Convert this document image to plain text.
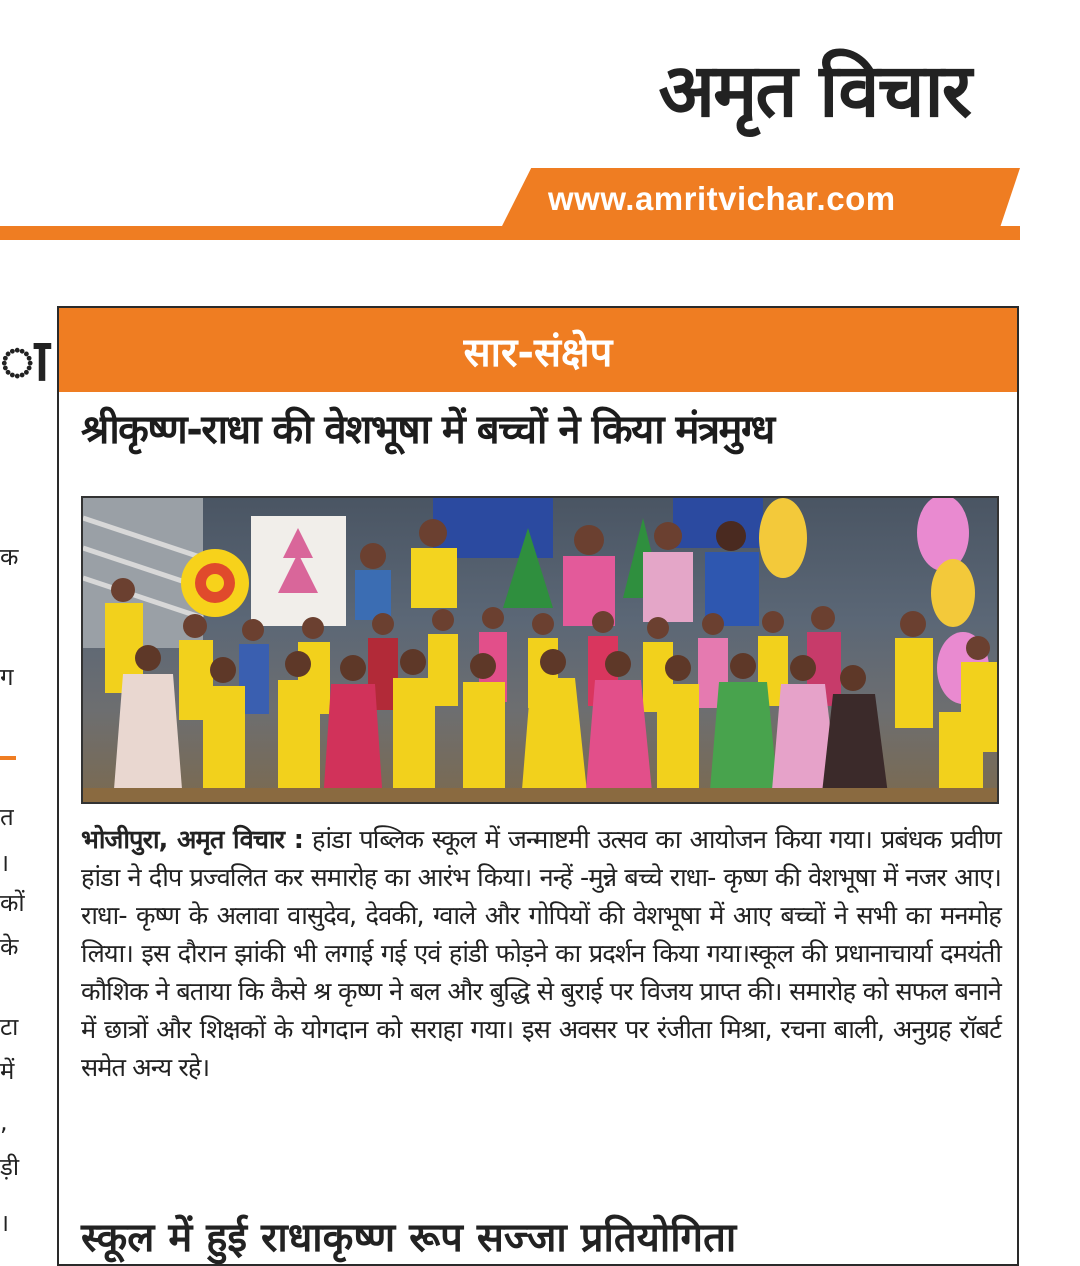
अमृत विचार
www.amritvichar.com
ा
क
ग
त
।
कों
के
टा
में
,
ड़ी
।
सार-संक्षेप
श्रीकृष्ण-राधा की वेशभूषा में बच्चों ने किया मंत्रमुग्ध
भोजीपुरा, अमृत विचार : हांडा पब्लिक स्कूल में जन्माष्टमी उत्सव का आयोजन किया गया। प्रबंधक प्रवीण हांडा ने दीप प्रज्वलित कर समारोह का आरंभ किया। नन्हें -मुन्ने बच्चे राधा- कृष्ण की वेशभूषा में नजर आए। राधा- कृष्ण के अलावा वासुदेव, देवकी, ग्वाले और गोपियों की वेशभूषा में आए बच्चों ने सभी का मनमोह लिया। इस दौरान झांकी भी लगाई गई एवं हांडी फोड़ने का प्रदर्शन किया गया।स्कूल की प्रधानाचार्या दमयंती कौशिक ने बताया कि कैसे श्र कृष्ण ने बल और बुद्धि से बुराई पर विजय प्राप्त की। समारोह को सफल बनाने में छात्रों और शिक्षकों के योगदान को सराहा गया। इस अवसर पर रंजीता मिश्रा, रचना बाली, अनुग्रह रॉबर्ट समेत अन्य रहे।
स्कूल में हुई राधाकृष्ण रूप सज्जा प्रतियोगिता
